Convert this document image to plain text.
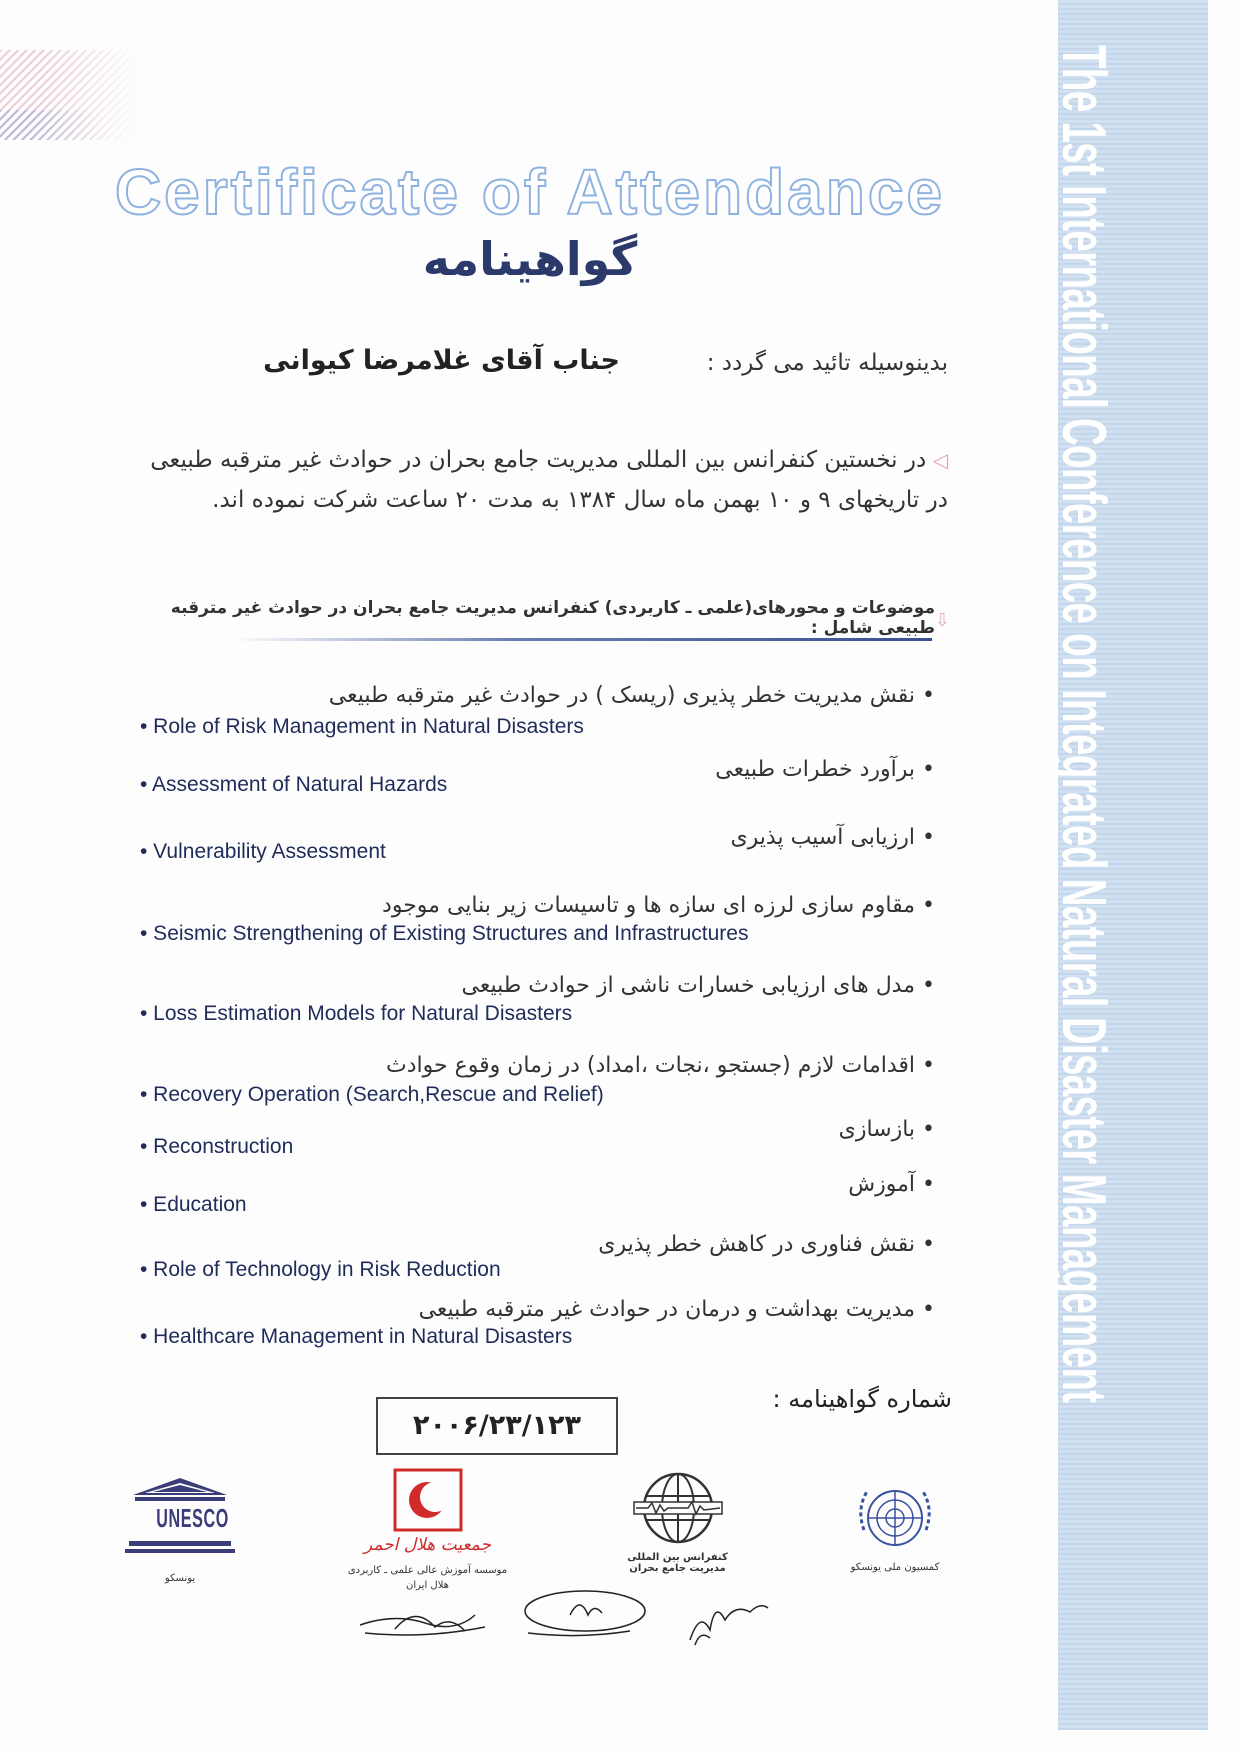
The 1st International Conference on Integrated Natural Disaster Management
Certificate of Attendance
گواهینامه
بدینوسیله تائید می گردد :
جناب آقای غلامرضا کیوانی
◁ در نخستین کنفرانس بین المللی مدیریت جامع بحران در حوادث غیر مترقبه طبیعی
در تاریخهای ۹ و ۱۰ بهمن ماه سال ۱۳۸۴ به مدت ۲۰ ساعت شرکت نموده اند.
⇩
موضوعات و محورهای(علمی ـ کاربردی) کنفرانس مدیریت جامع بحران در حوادث غیر مترقبه طبیعی شامل :
• نقش مدیریت خطر پذیری (ریسک ) در حوادث غیر مترقبه طبیعی
• Role of Risk Management in Natural Disasters
• برآورد خطرات طبیعی
• Assessment of Natural Hazards
• ارزیابی آسیب پذیری
• Vulnerability Assessment
• مقاوم سازی لرزه ای سازه ها و تاسیسات زیر بنایی موجود
• Seismic Strengthening of Existing Structures and Infrastructures
• مدل های ارزیابی خسارات ناشی از حوادث طبیعی
• Loss Estimation Models for Natural Disasters
• اقدامات لازم (جستجو ،نجات ،امداد) در زمان وقوع حوادث
• Recovery Operation (Search,Rescue and Relief)
• بازسازی
• Reconstruction
• آموزش
• Education
• نقش فناوری در کاهش خطر پذیری
• Role of Technology in Risk Reduction
• مدیریت بهداشت و درمان در حوادث غیر مترقبه طبیعی
• Healthcare Management in Natural Disasters
شماره گواهینامه :
۲۰۰۶/۲۳/۱۲۳
UNESCO
یونسکو
جمعیت هلال احمر
موسسه آموزش عالی علمی ـ کاربردی هلال ایران
کنفرانس بین المللی مدیریت جامع بحران	کمسیون ملی یونسکو
